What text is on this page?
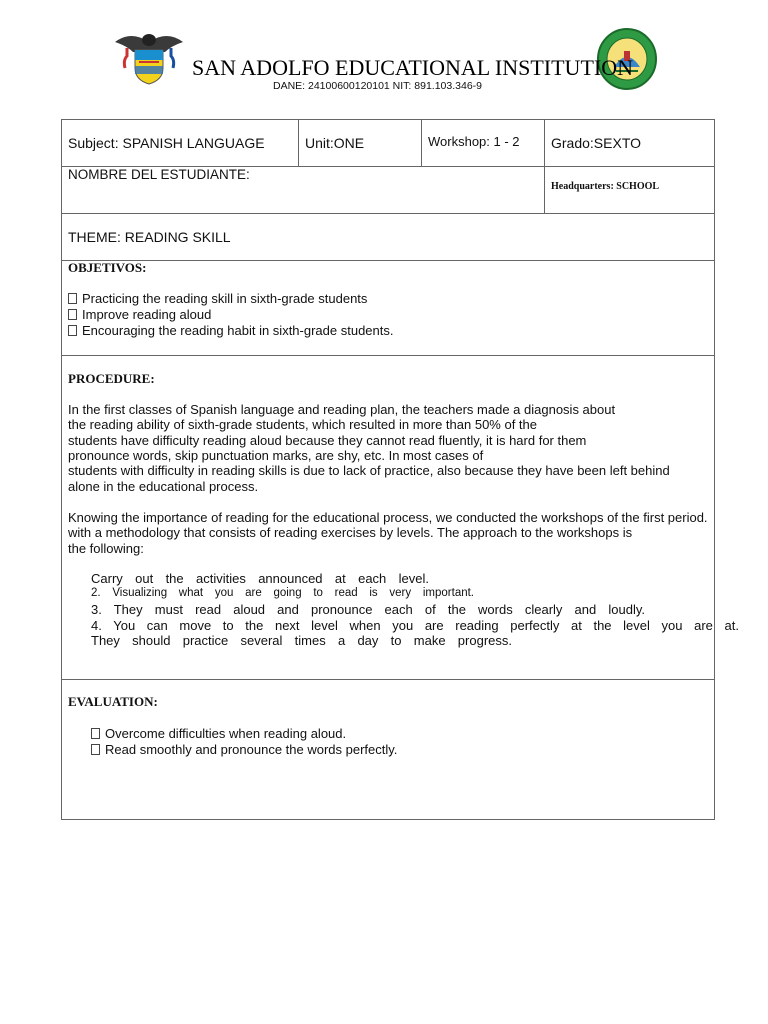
SAN ADOLFO EDUCATIONAL INSTITUTION
DANE: 24100600120101 NIT: 891.103.346-9
Subject: SPANISH LANGUAGE	Unit:ONE	Workshop: 1 - 2 Grado:SEXTO
NOMBRE DEL ESTUDIANTE:
Headquarters: SCHOOL
THEME: READING SKILL
OBJETIVOS:
Practicing the reading skill in sixth-grade students
Improve reading aloud
Encouraging the reading habit in sixth-grade students.
PROCEDURE:
In the first classes of Spanish language and reading plan, the teachers made a diagnosis about
the reading ability of sixth-grade students, which resulted in more than 50% of the
students have difficulty reading aloud because they cannot read fluently, it is hard for them
pronounce words, skip punctuation marks, are shy, etc. In most cases of
students with difficulty in reading skills is due to lack of practice, also because they have been left behind
alone in the educational process.
Knowing the importance of reading for the educational process, we conducted the workshops of the first period.
with a methodology that consists of reading exercises by levels. The approach to the workshops is
the following:
Carry out the activities announced at each level.
2. Visualizing what you are going to read is very important.
3. They must read aloud and pronounce each of the words clearly and loudly.
4. You can move to the next level when you are reading perfectly at the level you are at.
They should practice several times a day to make progress.
EVALUATION:
Overcome difficulties when reading aloud.
Read smoothly and pronounce the words perfectly.
